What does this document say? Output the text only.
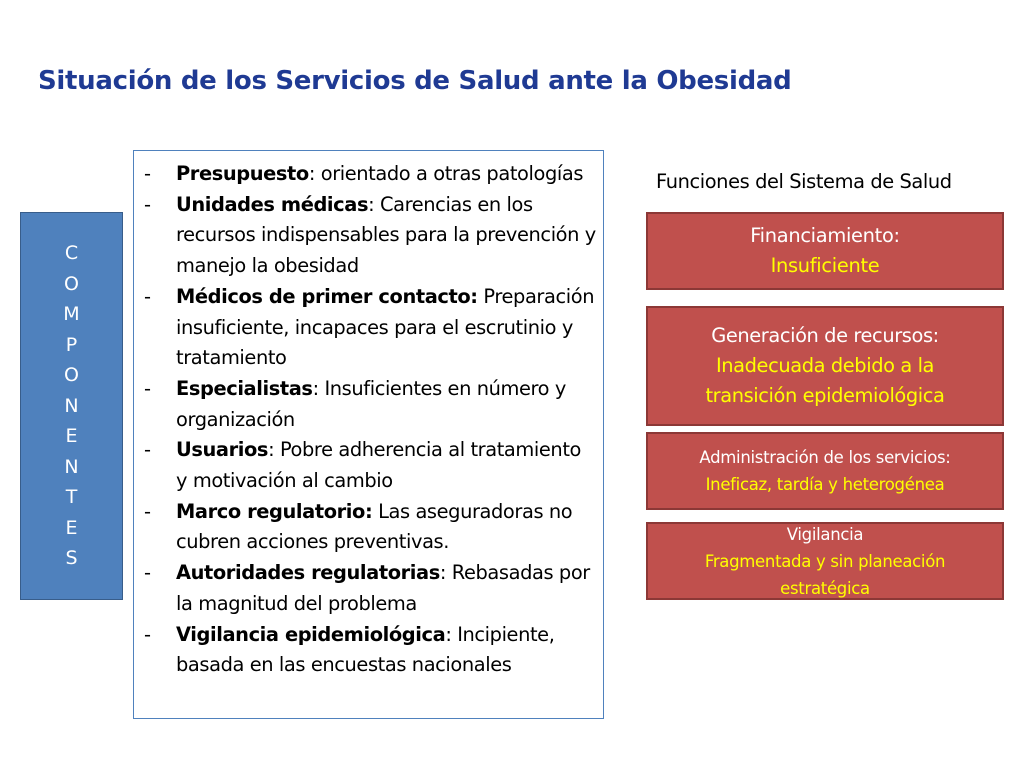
Situación de los Servicios de Salud ante la Obesidad
C
O
M
P
O
N
E
N
T
E
S
-	Presupuesto: orientado a otras patologías
-	Unidades médicas: Carencias en los recursos indispensables para la prevención y manejo la obesidad
-	Médicos de primer contacto: Preparación insuficiente, incapaces para el escrutinio y tratamiento
-	Especialistas: Insuficientes en número y organización
-	Usuarios: Pobre adherencia al tratamiento y motivación al cambio
-	Marco regulatorio: Las aseguradoras no cubren acciones preventivas.
-	Autoridades regulatorias: Rebasadas por la magnitud del problema
-	Vigilancia epidemiológica: Incipiente, basada en las encuestas nacionales
Funciones del Sistema de Salud
Financiamiento:
Insuficiente
Generación de recursos:
Inadecuada debido a la transición epidemiológica
Administración de los servicios:
Ineficaz, tardía y heterogénea
Vigilancia
Fragmentada y sin planeación estratégica
